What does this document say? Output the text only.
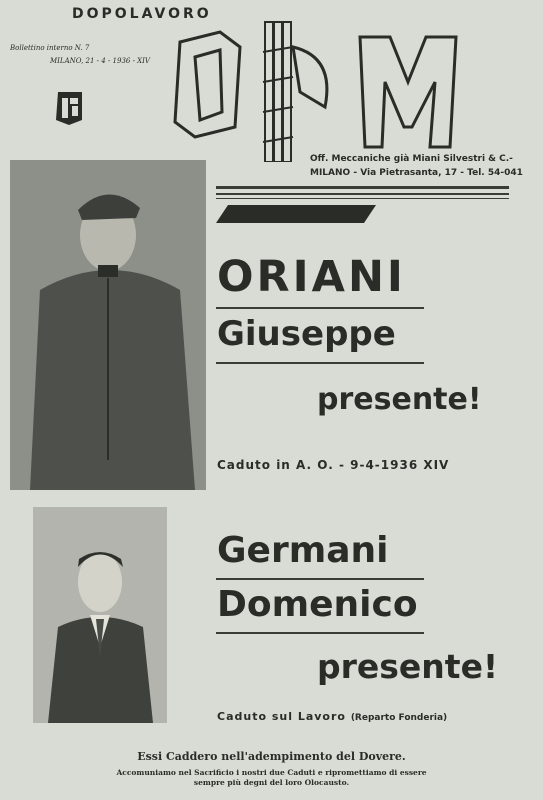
DOPOLAVORO
Bollettino interno N. 7
MILANO, 21 - 4 - 1936 - XIV
Off. Meccaniche già Miani Silvestri & C.-
MILANO - Via Pietrasanta, 17 - Tel. 54-041
ORIANI
Giuseppe
presente!
Caduto in A. O. - 9-4-1936 XIV
Germani
Domenico
presente!
Caduto sul Lavoro (Reparto Fonderia)
Essi Caddero nell'adempimento del Dovere.
Accomuniamo nel Sacrificio i nostri due Caduti e ripromettiamo di essere
sempre più degni del loro Olocausto.
